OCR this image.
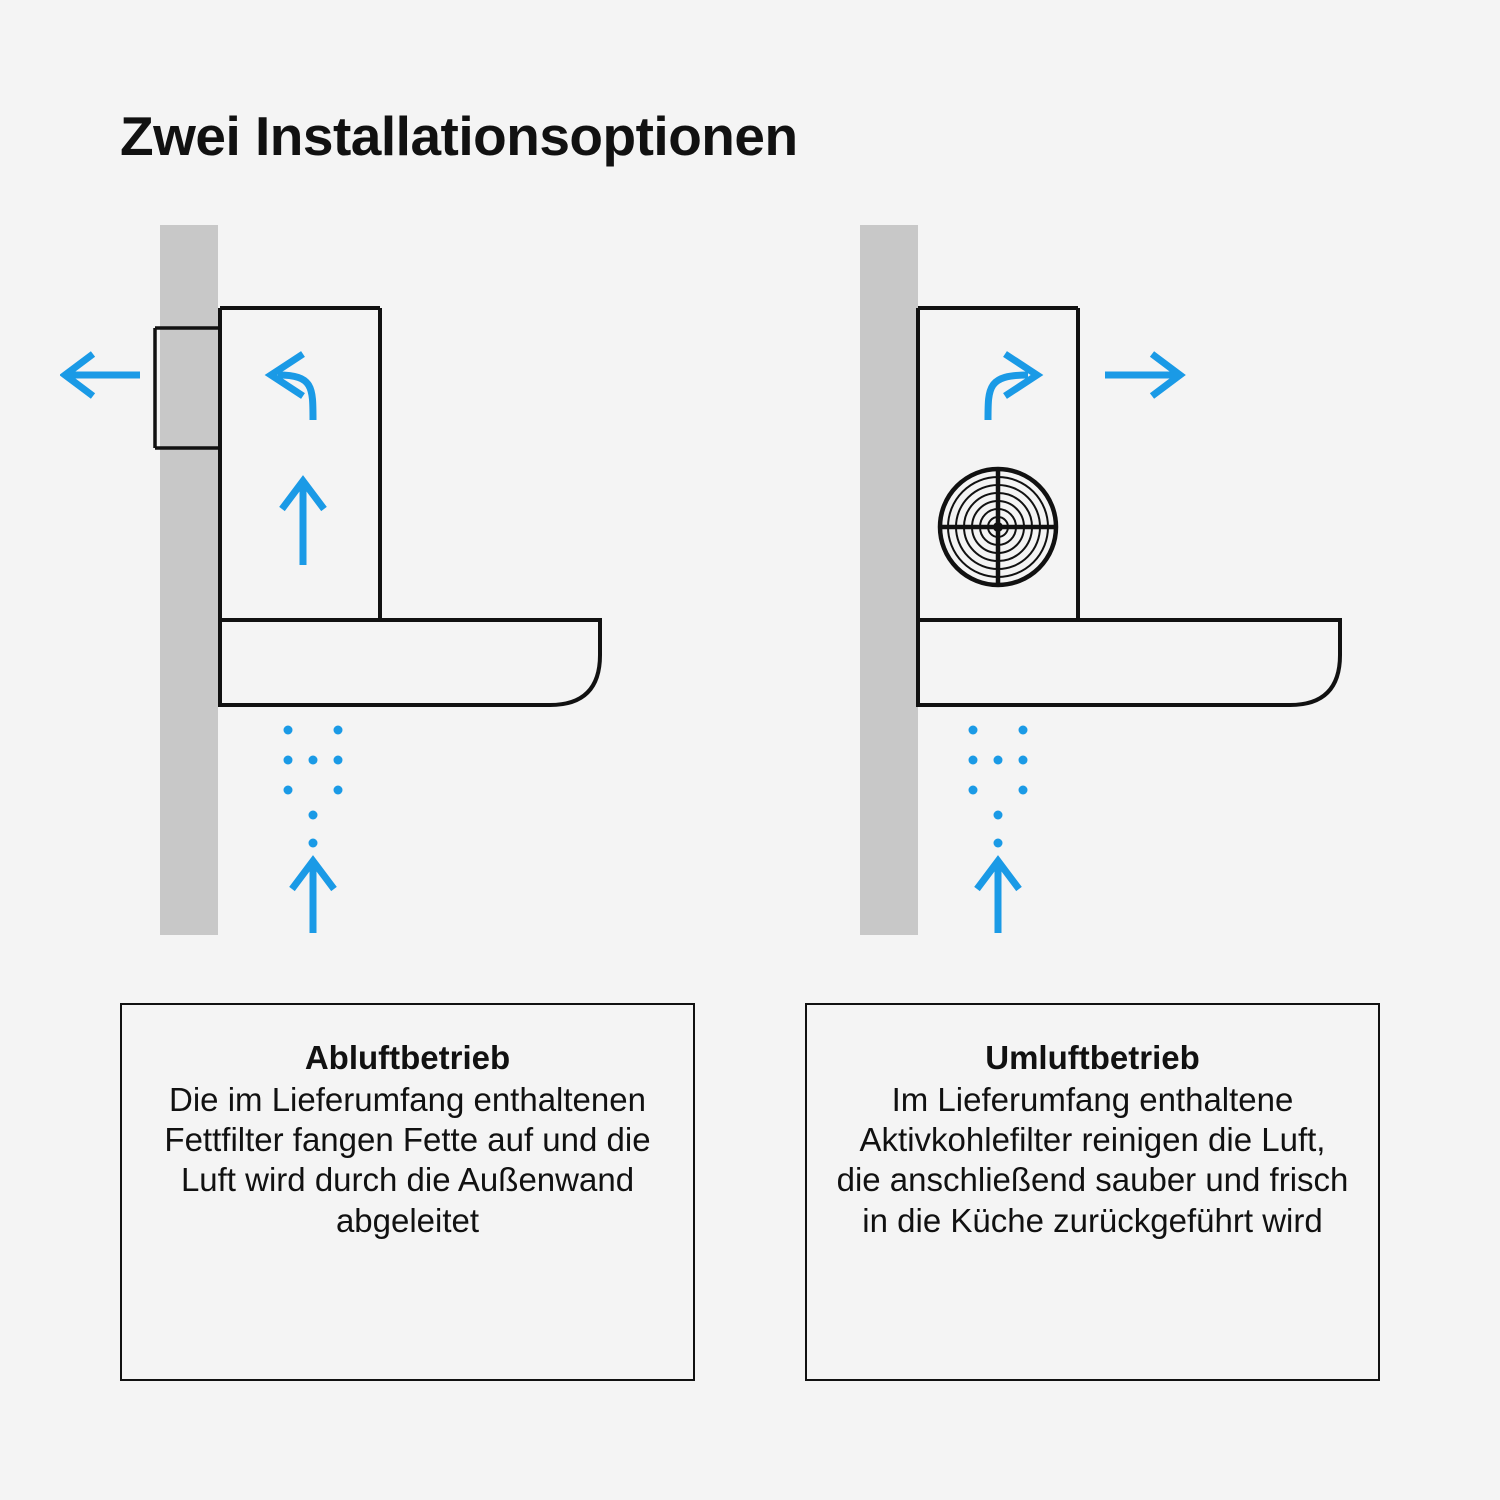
Zwei Installationsoptionen

Abluftbetrieb

Die im Lieferumfang enthaltenen Fettfilter fangen Fette auf und die Luft wird durch die Außenwand abgeleitet

Umluftbetrieb

Im Lieferumfang enthaltene Aktivkohlefilter reinigen die Luft, die anschließend sauber und frisch in die Küche zurückgeführt wird
